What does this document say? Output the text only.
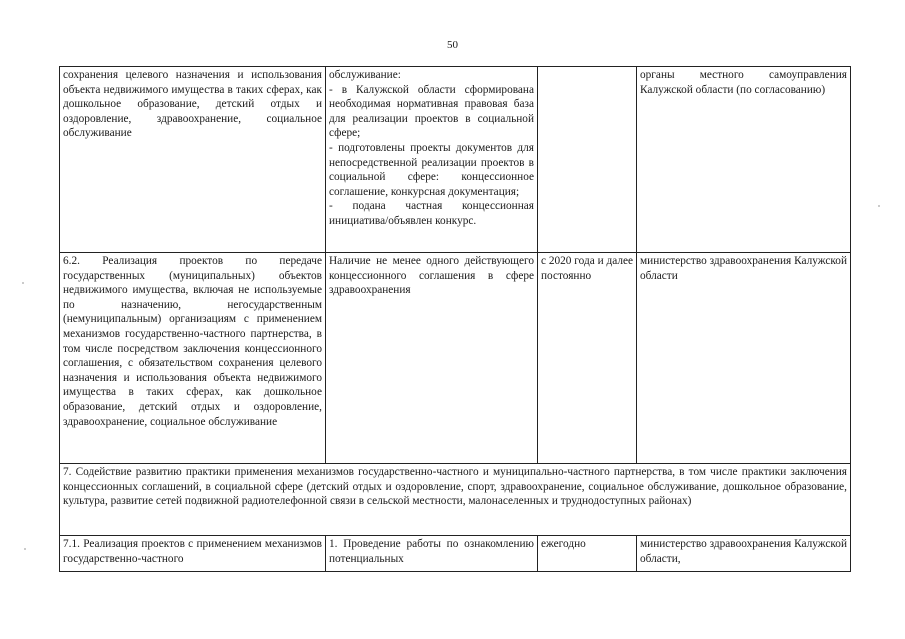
50
сохранения целевого назначения и использования объекта недвижимого имущества в таких сферах, как дошкольное образование, детский отдых и оздоровление, здравоохранение, социальное обслуживание	обслуживание:
- в Калужской области сформирована необходимая нормативная правовая база для реализации проектов в социальной сфере;
- подготовлены проекты документов для непосредственной реализации проектов в социальной сфере: концессионное соглашение, конкурсная документация;
- подана частная концессионная инициатива/объявлен конкурс.		органы местного самоуправления Калужской области (по согласованию)
6.2. Реализация проектов по передаче государственных (муниципальных) объектов недвижимого имущества, включая не используемые по назначению, негосударственным (немуниципальным) организациям с применением механизмов государственно-частного партнерства, в том числе посредством заключения концессионного соглашения, с обязательством сохранения целевого назначения и использования объекта недвижимого имущества в таких сферах, как дошкольное образование, детский отдых и оздоровление, здравоохранение, социальное обслуживание	Наличие не менее одного действующего концессионного соглашения в сфере здравоохранения	с 2020 года и далее постоянно	министерство здравоохранения Калужской области
7. Содействие развитию практики применения механизмов государственно-частного и муниципально-частного партнерства, в том числе практики заключения концессионных соглашений, в социальной сфере (детский отдых и оздоровление, спорт, здравоохранение, социальное обслуживание, дошкольное образование, культура, развитие сетей подвижной радиотелефонной связи в сельской местности, малонаселенных и труднодоступных районах)			
7.1. Реализация проектов с применением механизмов государственно-частного	1. Проведение работы по ознакомлению потенциальных	ежегодно	министерство здравоохранения Калужской области,
